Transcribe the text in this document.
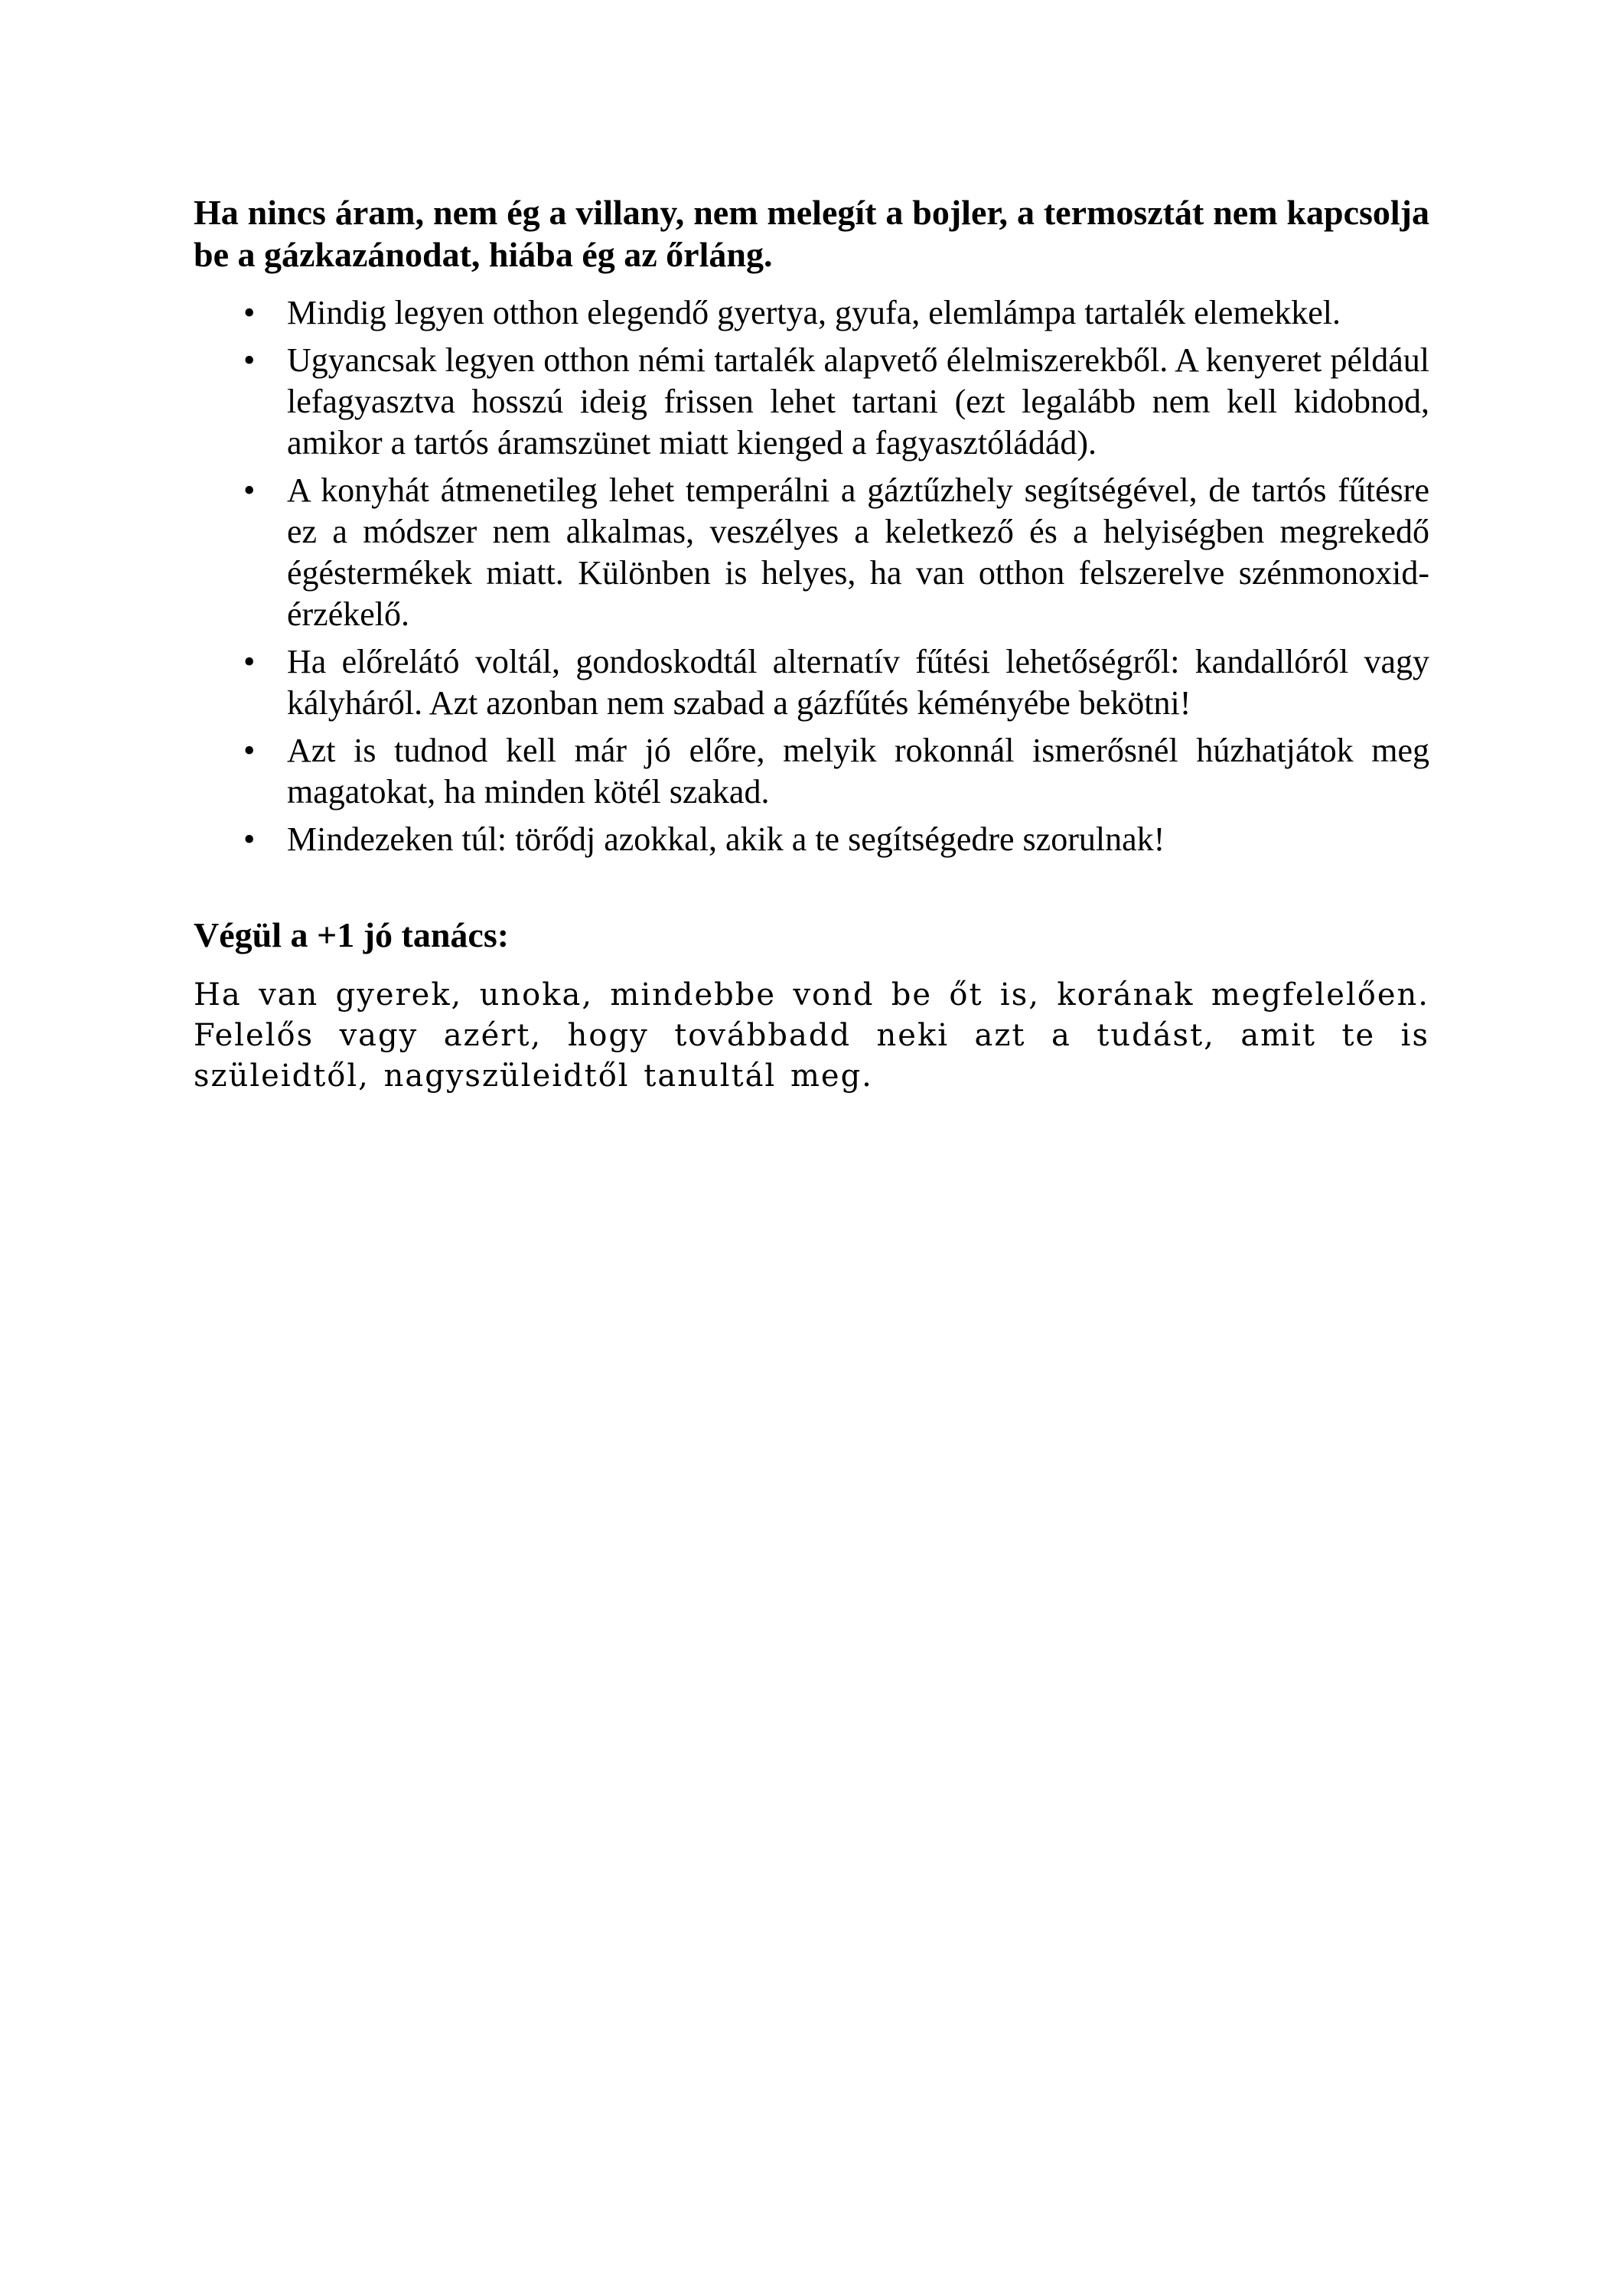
Ha nincs áram, nem ég a villany, nem melegít a bojler, a termosztát nem kapcsolja be a gázkazánodat, hiába ég az őrláng.

• Mindig legyen otthon elegendő gyertya, gyufa, elemlámpa tartalék elemekkel.
• Ugyancsak legyen otthon némi tartalék alapvető élelmiszerekből. A kenyeret például lefagyasztva hosszú ideig frissen lehet tartani (ezt legalább nem kell kidobnod, amikor a tartós áramszünet miatt kienged a fagyasztóládád).
• A konyhát átmenetileg lehet temperálni a gáztűzhely segítségével, de tartós fűtésre ez a módszer nem alkalmas, veszélyes a keletkező és a helyiségben megrekedő égéstermékek miatt. Különben is helyes, ha van otthon felszerelve szénmonoxid-érzékelő.
• Ha előrelátó voltál, gondoskodtál alternatív fűtési lehetőségről: kandallóról vagy kályháról. Azt azonban nem szabad a gázfűtés kéményébe bekötni!
• Azt is tudnod kell már jó előre, melyik rokonnál ismerősnél húzhatjátok meg magatokat, ha minden kötél szakad.
• Mindezeken túl: törődj azokkal, akik a te segítségedre szorulnak!

Végül a +1 jó tanács:

Ha van gyerek, unoka, mindebbe vond be őt is, korának megfelelően. Felelős vagy azért, hogy továbbadd neki azt a tudást, amit te is szüleidtől, nagyszüleidtől tanultál meg.
